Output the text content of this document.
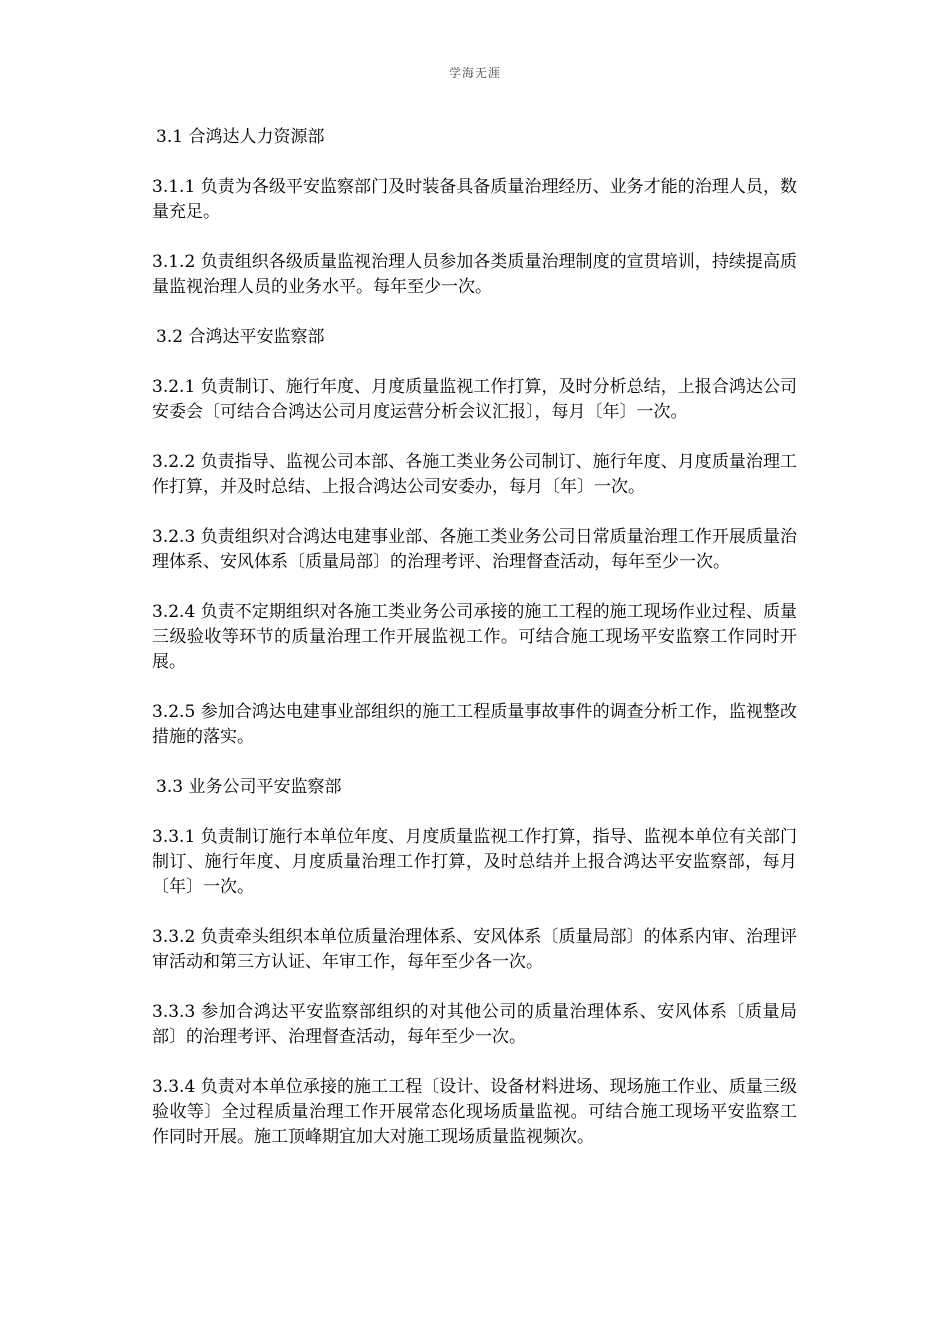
学海无涯
3.1 合鸿达人力资源部
3.1.1 负责为各级平安监察部门及时装备具备质量治理经历、业务才能的治理人员，数量充足。
3.1.2 负责组织各级质量监视治理人员参加各类质量治理制度的宣贯培训，持续提高质量监视治理人员的业务水平。每年至少一次。
3.2 合鸿达平安监察部
3.2.1 负责制订、施行年度、月度质量监视工作打算，及时分析总结，上报合鸿达公司安委会〔可结合合鸿达公司月度运营分析会议汇报〕，每月〔年〕一次。
3.2.2 负责指导、监视公司本部、各施工类业务公司制订、施行年度、月度质量治理工作打算，并及时总结、上报合鸿达公司安委办，每月〔年〕一次。
3.2.3 负责组织对合鸿达电建事业部、各施工类业务公司日常质量治理工作开展质量治理体系、安风体系〔质量局部〕的治理考评、治理督查活动，每年至少一次。
3.2.4 负责不定期组织对各施工类业务公司承接的施工工程的施工现场作业过程、质量三级验收等环节的质量治理工作开展监视工作。可结合施工现场平安监察工作同时开展。
3.2.5 参加合鸿达电建事业部组织的施工工程质量事故事件的调查分析工作，监视整改措施的落实。
3.3 业务公司平安监察部
3.3.1 负责制订施行本单位年度、月度质量监视工作打算，指导、监视本单位有关部门制订、施行年度、月度质量治理工作打算，及时总结并上报合鸿达平安监察部，每月〔年〕一次。
3.3.2 负责牵头组织本单位质量治理体系、安风体系〔质量局部〕的体系内审、治理评审活动和第三方认证、年审工作，每年至少各一次。
3.3.3 参加合鸿达平安监察部组织的对其他公司的质量治理体系、安风体系〔质量局部〕的治理考评、治理督查活动，每年至少一次。
3.3.4 负责对本单位承接的施工工程〔设计、设备材料进场、现场施工作业、质量三级验收等〕全过程质量治理工作开展常态化现场质量监视。可结合施工现场平安监察工作同时开展。施工顶峰期宜加大对施工现场质量监视频次。
